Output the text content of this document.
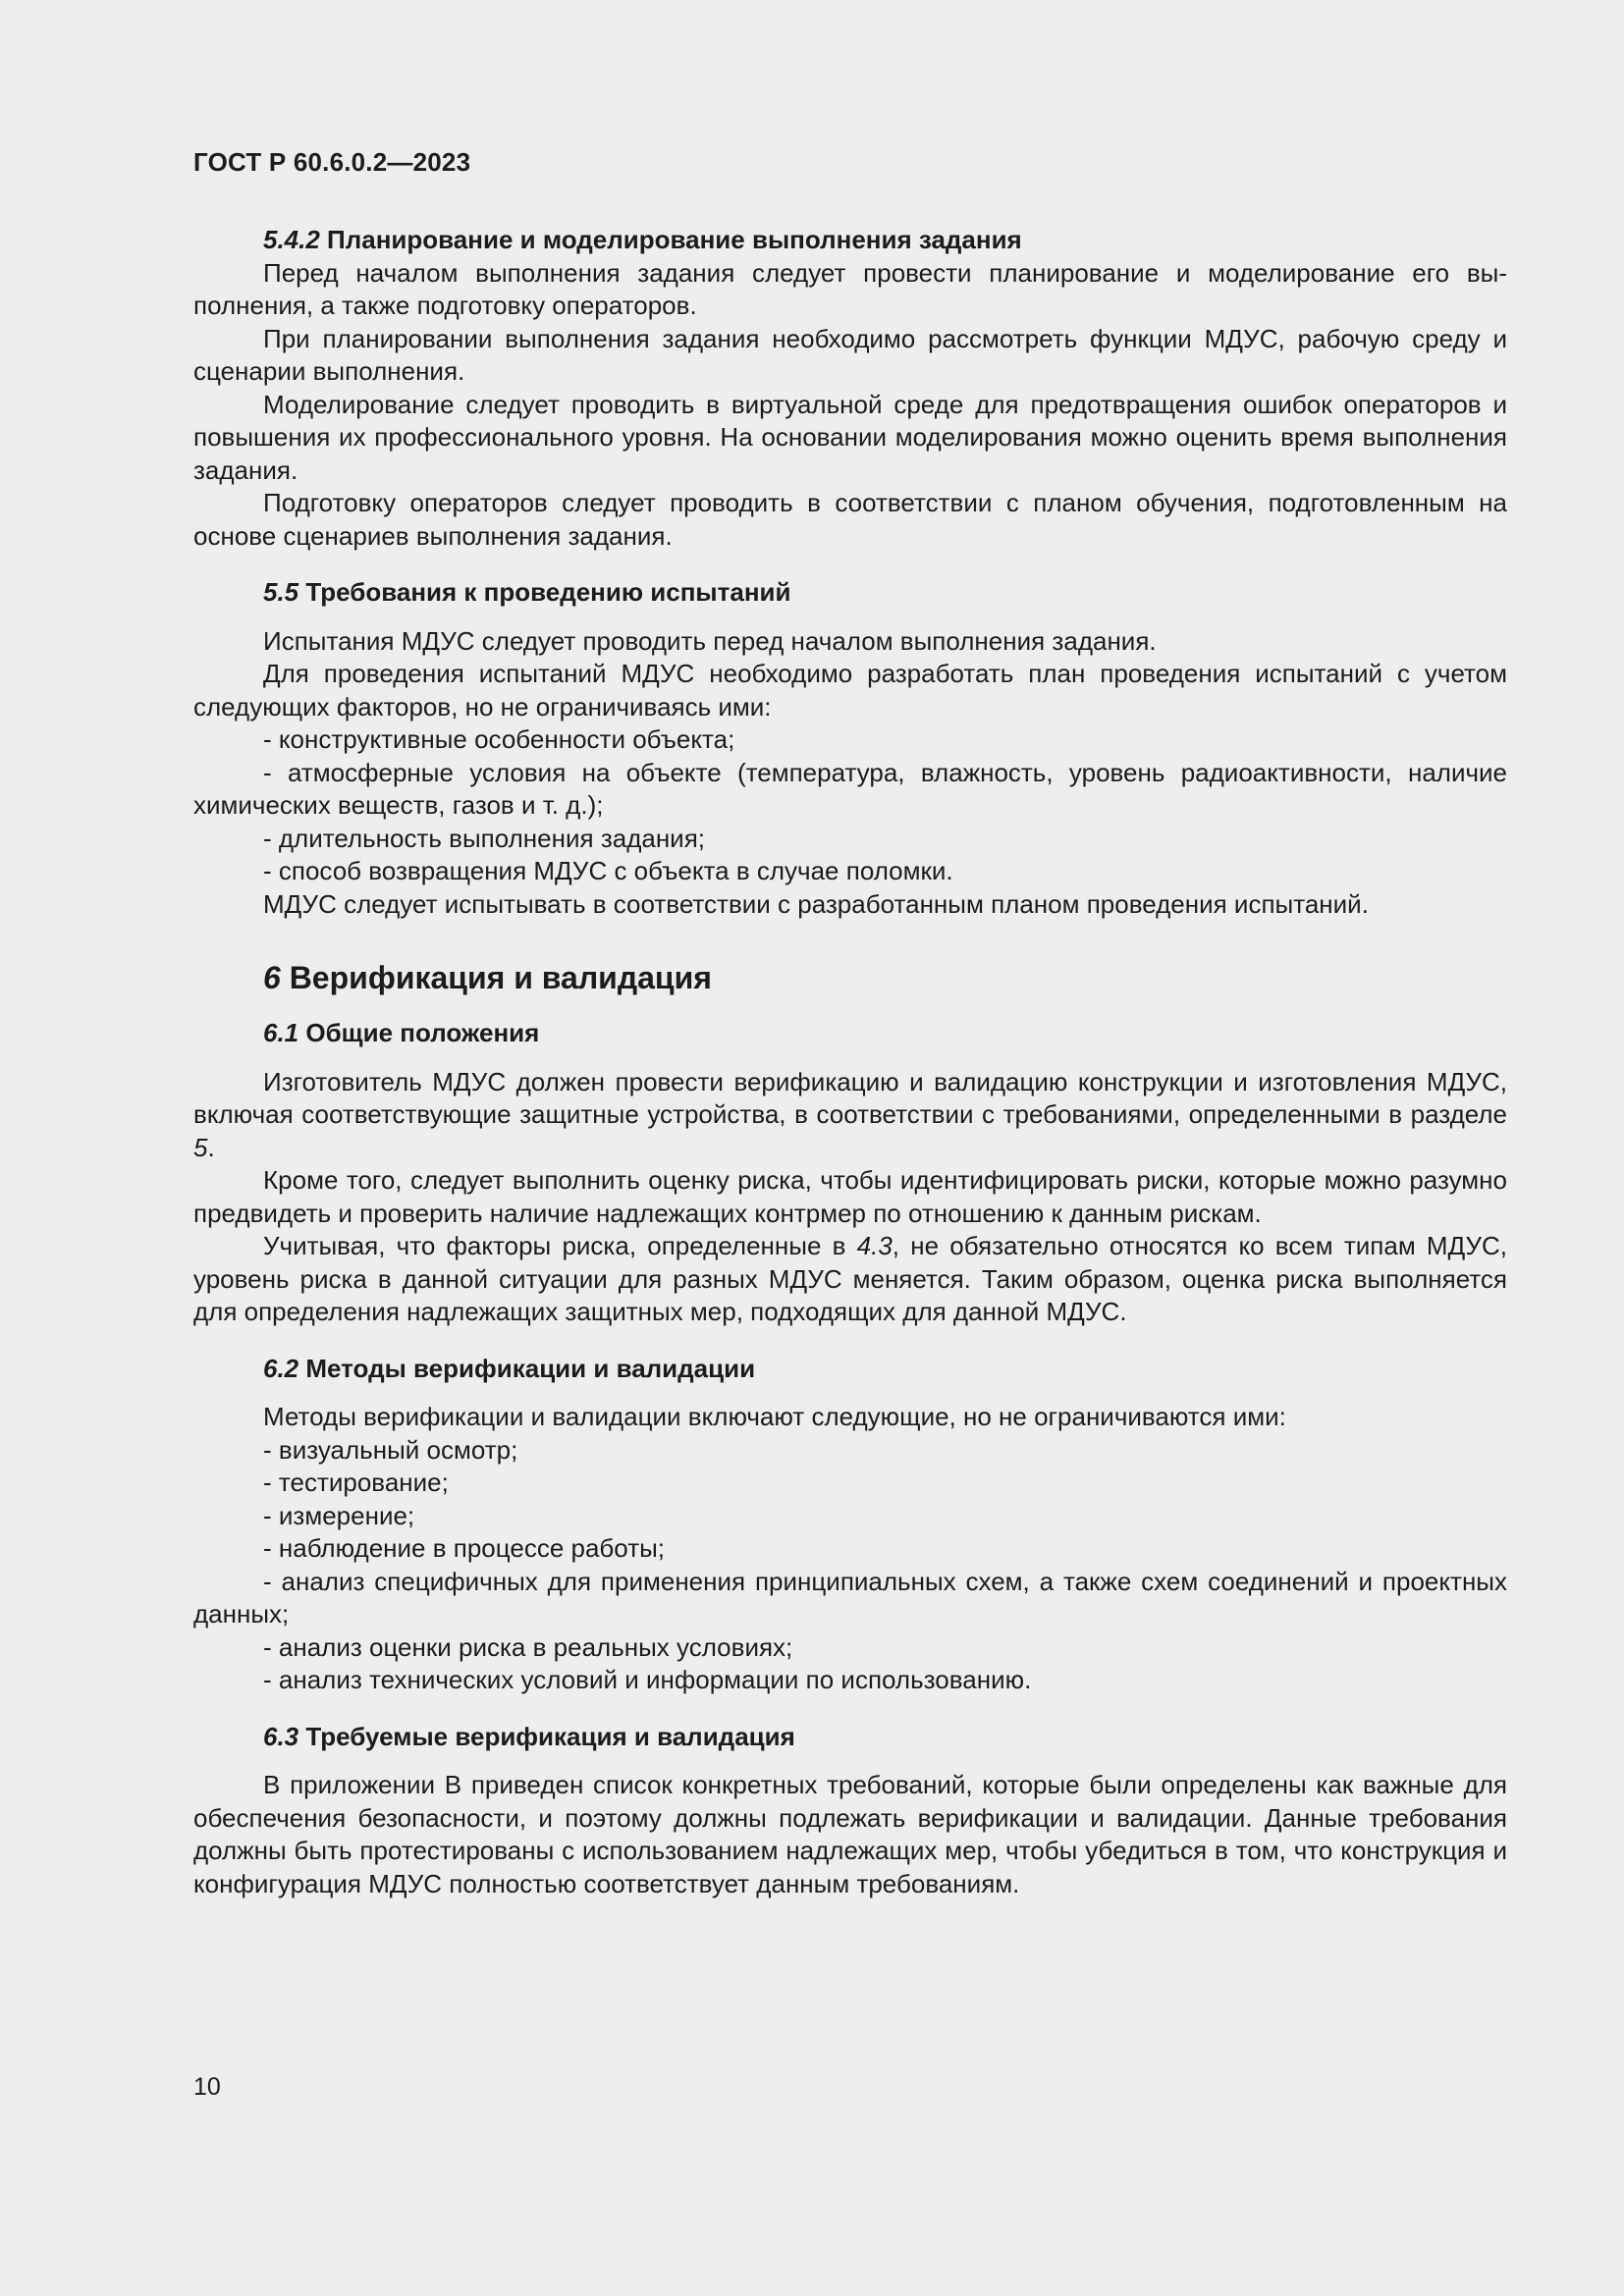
ГОСТ Р 60.6.0.2—2023
5.4.2 Планирование и моделирование выполнения задания

Перед началом выполнения задания следует провести планирование и моделирование его выполнения, а также подготовку операторов.

При планировании выполнения задания необходимо рассмотреть функции МДУС, рабочую среду и сценарии выполнения.

Моделирование следует проводить в виртуальной среде для предотвращения ошибок операторов и повышения их профессионального уровня. На основании моделирования можно оценить время выполнения задания.

Подготовку операторов следует проводить в соответствии с планом обучения, подготовленным на основе сценариев выполнения задания.

5.5 Требования к проведению испытаний

Испытания МДУС следует проводить перед началом выполнения задания.

Для проведения испытаний МДУС необходимо разработать план проведения испытаний с учетом следующих факторов, но не ограничиваясь ими:

- конструктивные особенности объекта;

- атмосферные условия на объекте (температура, влажность, уровень радиоактивности, наличие химических веществ, газов и т. д.);

- длительность выполнения задания;

- способ возвращения МДУС с объекта в случае поломки.

МДУС следует испытывать в соответствии с разработанным планом проведения испытаний.

6 Верификация и валидация
6.1 Общие положения

Изготовитель МДУС должен провести верификацию и валидацию конструкции и изготовления МДУС, включая соответствующие защитные устройства, в соответствии с требованиями, определенными в разделе 5.

Кроме того, следует выполнить оценку риска, чтобы идентифицировать риски, которые можно разумно предвидеть и проверить наличие надлежащих контрмер по отношению к данным рискам.

Учитывая, что факторы риска, определенные в 4.3, не обязательно относятся ко всем типам МДУС, уровень риска в данной ситуации для разных МДУС меняется. Таким образом, оценка риска выполняется для определения надлежащих защитных мер, подходящих для данной МДУС.

6.2 Методы верификации и валидации

Методы верификации и валидации включают следующие, но не ограничиваются ими:

- визуальный осмотр;

- тестирование;

- измерение;

- наблюдение в процессе работы;

- анализ специфичных для применения принципиальных схем, а также схем соединений и проектных данных;

- анализ оценки риска в реальных условиях;

- анализ технических условий и информации по использованию.

6.3 Требуемые верификация и валидация

В приложении В приведен список конкретных требований, которые были определены как важные для обеспечения безопасности, и поэтому должны подлежать верификации и валидации. Данные требования должны быть протестированы с использованием надлежащих мер, чтобы убедиться в том, что конструкция и конфигурация МДУС полностью соответствует данным требованиям.

10
